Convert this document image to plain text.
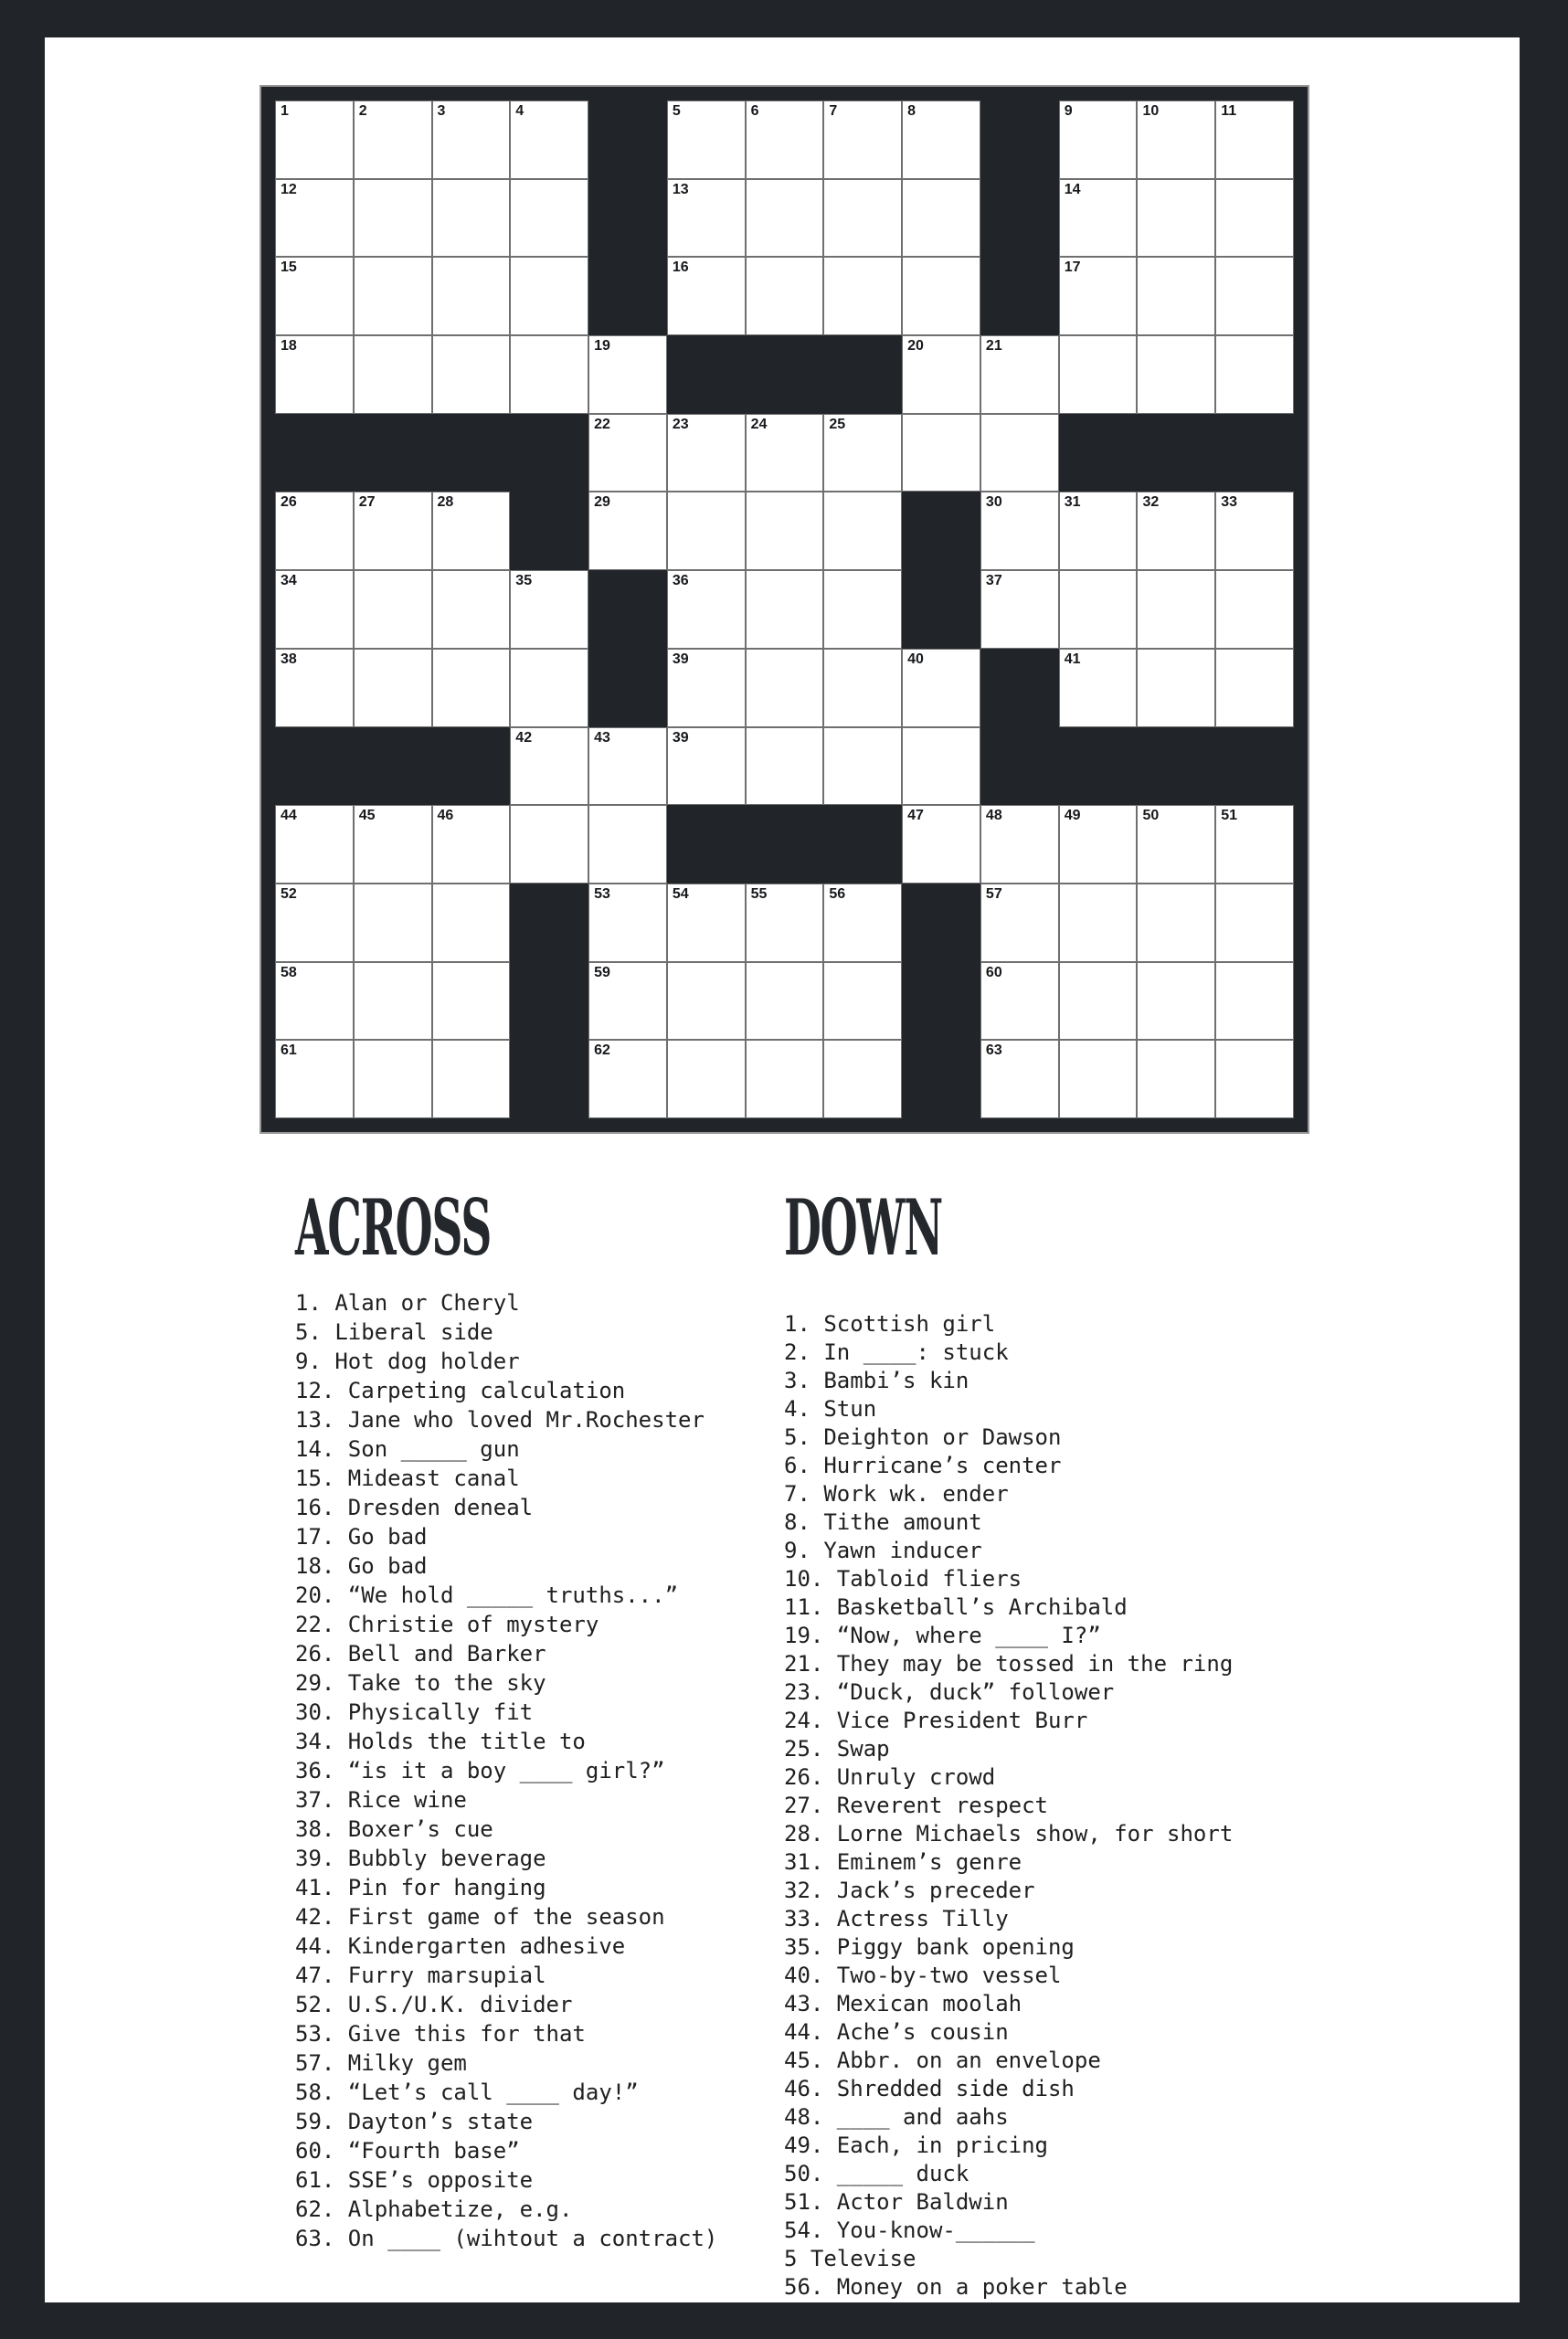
1	2	3	4	5	6	7	8	9	10	11
12	13	14
15	16	17
18	19	20	21
22	23	24	25
26	27	28	29	30	31	32	33
34	35	36	37
38	39	40	41
42	43	39
44	45	46	47	48	49	50	51
52	53	54	55	56	57
58	59	60
61	62	63
ACROSS
1. Alan or Cheryl
5. Liberal side
9. Hot dog holder
12. Carpeting calculation
13. Jane who loved Mr.Rochester
14. Son _____ gun
15. Mideast canal
16. Dresden deneal
17. Go bad
18. Go bad
20. “We hold _____ truths...”
22. Christie of mystery
26. Bell and Barker
29. Take to the sky
30. Physically fit
34. Holds the title to
36. “is it a boy ____ girl?”
37. Rice wine
38. Boxer’s cue
39. Bubbly beverage
41. Pin for hanging
42. First game of the season
44. Kindergarten adhesive
47. Furry marsupial
52. U.S./U.K. divider
53. Give this for that
57. Milky gem
58. “Let’s call ____ day!”
59. Dayton’s state
60. “Fourth base”
61. SSE’s opposite
62. Alphabetize, e.g.
63. On ____ (wihtout a contract)
DOWN
1. Scottish girl
2. In ____: stuck
3. Bambi’s kin
4. Stun
5. Deighton or Dawson
6. Hurricane’s center
7. Work wk. ender
8. Tithe amount
9. Yawn inducer
10. Tabloid fliers
11. Basketball’s Archibald
19. “Now, where ____ I?”
21. They may be tossed in the ring
23. “Duck, duck” follower
24. Vice President Burr
25. Swap
26. Unruly crowd
27. Reverent respect
28. Lorne Michaels show, for short
31. Eminem’s genre
32. Jack’s preceder
33. Actress Tilly
35. Piggy bank opening
40. Two-by-two vessel
43. Mexican moolah
44. Ache’s cousin
45. Abbr. on an envelope
46. Shredded side dish
48. ____ and aahs
49. Each, in pricing
50. _____ duck
51. Actor Baldwin
54. You-know-______
5 Televise
56. Money on a poker table
